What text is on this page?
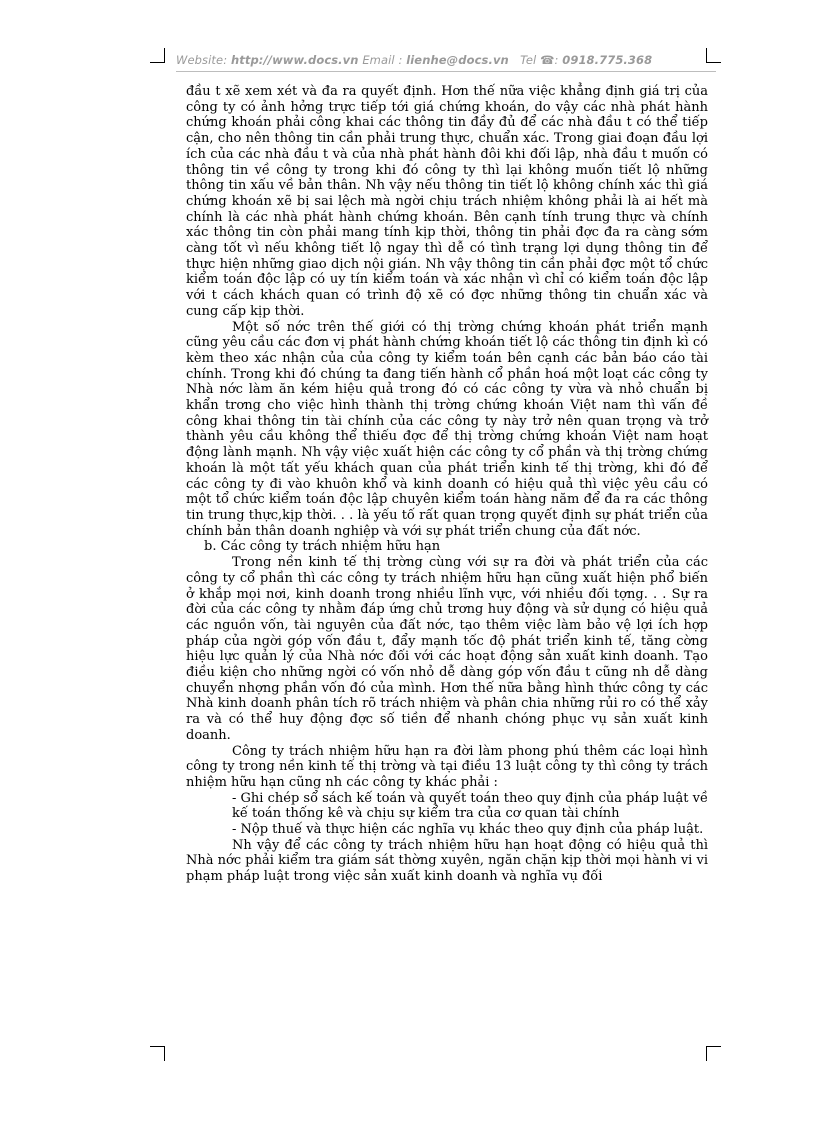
Website: http://www.docs.vn Email : lienhe@docs.vn Tel ☎: 0918.775.368

đầu t xẽ xem xét và đa ra quyết định. Hơn thế nữa việc khẳng định giá trị của công ty có ảnh hởng trực tiếp tới giá chứng khoán, do vậy các nhà phát hành chứng khoán phải công khai các thông tin đầy đủ để các nhà đầu t có thể tiếp cận, cho nên thông tin cần phải trung thực, chuẩn xác. Trong giai đoạn đầu lợi ích của các nhà đầu t và của nhà phát hành đôi khi đối lập, nhà đầu t muốn có thông tin về công ty trong khi đó công ty thì lại không muốn tiết lộ những thông tin xấu về bản thân. Nh vậy nếu thông tin tiết lộ không chính xác thì giá chứng khoán xẽ bị sai lệch mà ngời chịu trách nhiệm không phải là ai hết mà chính là các nhà phát hành chứng khoán. Bên cạnh tính trung thực và chính xác thông tin còn phải mang tính kịp thời, thông tin phải đợc đa ra càng sớm càng tốt vì nếu không tiết lộ ngay thì dễ có tình trạng lợi dụng thông tin để thực hiện những giao dịch nội gián. Nh vậy thông tin cần phải đợc một tổ chức kiểm toán độc lập có uy tín kiểm toán và xác nhận vì chỉ có kiểm toán độc lập với t cách khách quan có trình độ xẽ có đợc những thông tin chuẩn xác và cung cấp kịp thời.

Một số nớc trên thế giới có thị trờng chứng khoán phát triển mạnh cũng yêu cầu các đơn vị phát hành chứng khoán tiết lộ các thông tin định kì có kèm theo xác nhận của của công ty kiểm toán bên cạnh các bản báo cáo tài chính. Trong khi đó chúng ta đang tiến hành cổ phần hoá một loạt các công ty Nhà nớc làm ăn kém hiệu quả trong đó có các công ty vừa và nhỏ chuẩn bị khẩn trơng cho việc hình thành thị trờng chứng khoán Việt nam thì vấn đề công khai thông tin tài chính của các công ty này trở nên quan trọng và trở thành yêu cầu không thể thiếu đợc để thị trờng chứng khoán Việt nam hoạt động lành mạnh. Nh vậy việc xuất hiện các công ty cổ phần và thị trờng chứng khoán là một tất yếu khách quan của phát triển kinh tế thị trờng, khi đó để các công ty đi vào khuôn khổ và kinh doanh có hiệu quả thì việc yêu cầu có một tổ chức kiểm toán độc lập chuyên kiểm toán hàng năm để đa ra các thông tin trung thực,kịp thời. . . là yếu tố rất quan trọng quyết định sự phát triển của chính bản thân doanh nghiệp và với sự phát triển chung của đất nớc.

b. Các công ty trách nhiệm hữu hạn

Trong nền kinh tế thị trờng cùng với sự ra đời và phát triển của các công ty cổ phần thì các công ty trách nhiệm hữu hạn cũng xuất hiện phổ biến ở khắp mọi nơi, kinh doanh trong nhiều lĩnh vực, với nhiều đối tợng. . . Sự ra đời của các công ty nhằm đáp ứng chủ trơng huy động và sử dụng có hiệu quả các nguồn vốn, tài nguyên của đất nớc, tạo thêm việc làm bảo vệ lợi ích hợp pháp của ngời góp vốn đầu t, đẩy mạnh tốc độ phát triển kinh tế, tăng cờng hiệu lực quản lý của Nhà nớc đối với các hoạt động sản xuất kinh doanh. Tạo điều kiện cho những ngời có vốn nhỏ dễ dàng góp vốn đầu t cũng nh dễ dàng chuyển nhợng phần vốn đó của mình. Hơn thế nữa bằng hình thức công ty các Nhà kinh doanh phân tích rõ trách nhiệm và phân chia những rủi ro có thể xảy ra và có thể huy động đợc số tiền để nhanh chóng phục vụ sản xuất kinh doanh.

Công ty trách nhiệm hữu hạn ra đời làm phong phú thêm các loại hình công ty trong nền kinh tế thị trờng và tại điều 13 luật công ty thì công ty trách nhiệm hữu hạn cũng nh các công ty khác phải :

- Ghi chép sổ sách kế toán và quyết toán theo quy định của pháp luật về kế toán thống kê và chịu sự kiểm tra của cơ quan tài chính

- Nộp thuế và thực hiện các nghĩa vụ khác theo quy định của pháp luật.

Nh vậy để các công ty trách nhiệm hữu hạn hoạt động có hiệu quả thì Nhà nớc phải kiểm tra giám sát thờng xuyên, ngăn chặn kịp thời mọi hành vi vi phạm pháp luật trong việc sản xuất kinh doanh và nghĩa vụ đối
